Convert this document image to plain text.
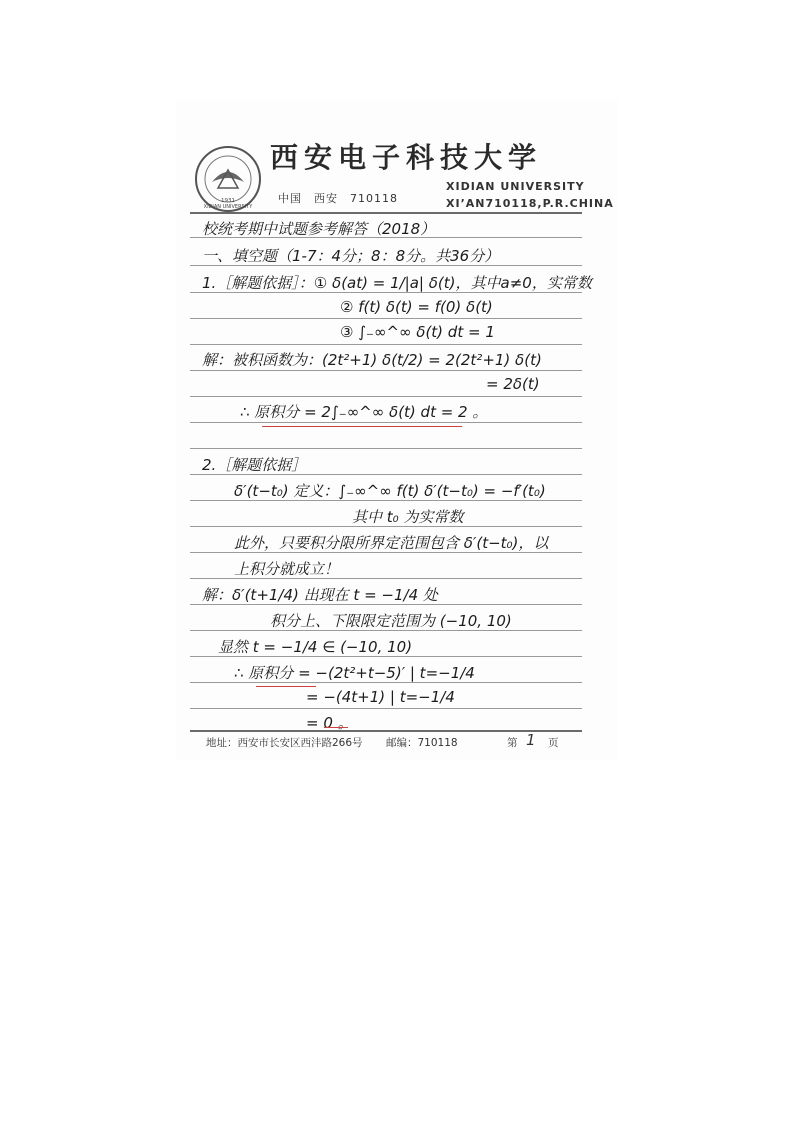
1931
XIDIAN UNIVERSITY
西安电子科技大学
中国　西安　710118
XIDIAN UNIVERSITY
XI’AN710118,P.R.CHINA
校统考期中试题参考解答（2018）
一、填空题（1-7：4分；8：8分。共36分）
1.［解题依据］：① δ(at) = 1/|a| δ(t)，其中a≠0，实常数
② f(t) δ(t) = f(0) δ(t)
③ ∫₋∞^∞ δ(t) dt = 1
解：被积函数为：(2t²+1) δ(t/2) = 2(2t²+1) δ(t)
= 2δ(t)
∴ 原积分 = 2∫₋∞^∞ δ(t) dt = 2 。
2.［解题依据］
δ′(t−t₀) 定义：∫₋∞^∞ f(t) δ′(t−t₀) = −f′(t₀)
其中 t₀ 为实常数
此外，只要积分限所界定范围包含 δ′(t−t₀)，以
上积分就成立！
解：δ′(t+1/4) 出现在 t = −1/4 处
积分上、下限限定范围为 (−10, 10)
显然 t = −1/4 ∈ (−10, 10)
∴ 原积分 = −(2t²+t−5)′ | t=−1/4
= −(4t+1) | t=−1/4
= 0 。
地址：西安市长安区西沣路266号 邮编：710118	第 1 页
